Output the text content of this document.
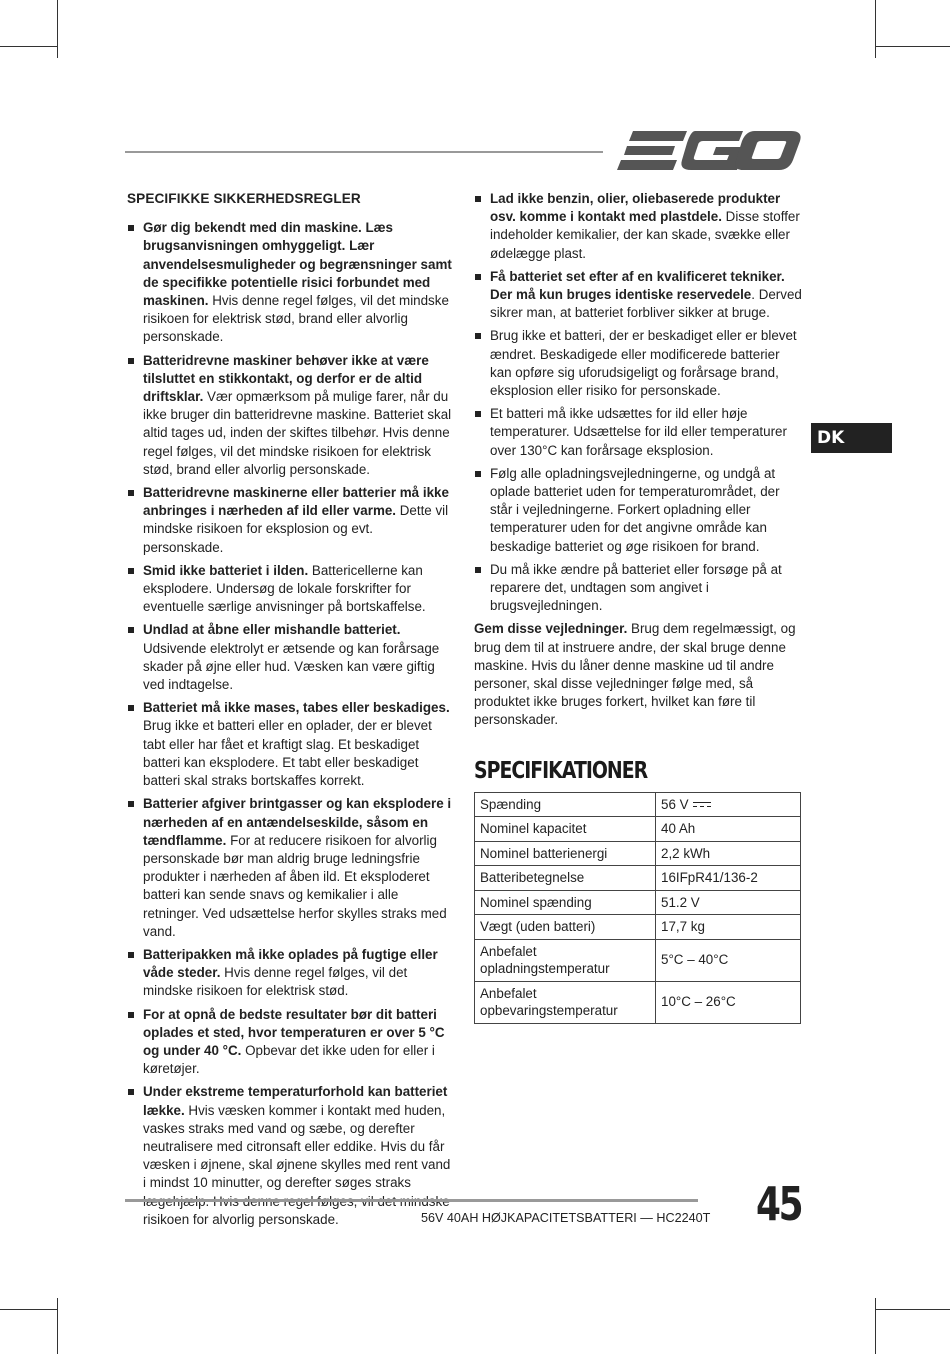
SPECIFIKKE SIKKERHEDSREGLER
Gør dig bekendt med din maskine. Læs brugsanvisningen omhyggeligt. Lær anvendelsesmuligheder og begrænsninger samt de specifikke potentielle risici forbundet med maskinen. Hvis denne regel følges, vil det mindske risikoen for elektrisk stød, brand eller alvorlig personskade.
Batteridrevne maskiner behøver ikke at være tilsluttet en stikkontakt, og derfor er de altid driftsklar. Vær opmærksom på mulige farer, når du ikke bruger din batteridrevne maskine. Batteriet skal altid tages ud, inden der skiftes tilbehør. Hvis denne regel følges, vil det mindske risikoen for elektrisk stød, brand eller alvorlig personskade.
Batteridrevne maskinerne eller batterier må ikke anbringes i nærheden af ild eller varme. Dette vil mindske risikoen for eksplosion og evt. personskade.
Smid ikke batteriet i ilden. Battericellerne kan eksplodere. Undersøg de lokale forskrifter for eventuelle særlige anvisninger på bortskaffelse.
Undlad at åbne eller mishandle batteriet. Udsivende elektrolyt er ætsende og kan forårsage skader på øjne eller hud. Væsken kan være giftig ved indtagelse.
Batteriet må ikke mases, tabes eller beskadiges. Brug ikke et batteri eller en oplader, der er blevet tabt eller har fået et kraftigt slag. Et beskadiget batteri kan eksplodere. Et tabt eller beskadiget batteri skal straks bortskaffes korrekt.
Batterier afgiver brintgasser og kan eksplodere i nærheden af en antændelseskilde, såsom en tændflamme. For at reducere risikoen for alvorlig personskade bør man aldrig bruge ledningsfrie produkter i nærheden af åben ild. Et eksploderet batteri kan sende snavs og kemikalier i alle retninger. Ved udsættelse herfor skylles straks med vand.
Batteripakken må ikke oplades på fugtige eller våde steder. Hvis denne regel følges, vil det mindske risikoen for elektrisk stød.
For at opnå de bedste resultater bør dit batteri oplades et sted, hvor temperaturen er over 5 °C og under 40 °C. Opbevar det ikke uden for eller i køretøjer.
Under ekstreme temperaturforhold kan batteriet lække. Hvis væsken kommer i kontakt med huden, vaskes straks med vand og sæbe, og derefter neutralisere med citronsaft eller eddike. Hvis du får væsken i øjnene, skal øjnene skylles med rent vand i mindst 10 minutter, og derefter søges straks risikoen for alvorlig personskade.
Lad ikke benzin, olier, oliebaserede produkter osv. komme i kontakt med plastdele. Disse stoffer indeholder kemikalier, der kan skade, svække eller ødelægge plast.
Få batteriet set efter af en kvalificeret tekniker. Der må kun bruges identiske reservedele. Derved sikrer man, at batteriet forbliver sikker at bruge.
Brug ikke et batteri, der er beskadiget eller er blevet ændret. Beskadigede eller modificerede batterier kan opføre sig uforudsigeligt og forårsage brand, eksplosion eller risiko for personskade.
Et batteri må ikke udsættes for ild eller høje temperaturer. Udsættelse for ild eller temperaturer over 130°C kan forårsage eksplosion.
Følg alle opladningsvejledningerne, og undgå at oplade batteriet uden for temperaturområdet, der står i vejledningerne. Forkert opladning eller temperaturer uden for det angivne område kan beskadige batteriet og øge risikoen for brand.
Du må ikke ændre på batteriet eller forsøge på at reparere det, undtagen som angivet i brugsvejledningen.
Gem disse vejledninger. Brug dem regelmæssigt, og brug dem til at instruere andre, der skal bruge denne maskine. Hvis du låner denne maskine ud til andre personer, skal disse vejledninger følge med, så produktet ikke bruges forkert, hvilket kan føre til personskader.
SPECIFIKATIONER
Spænding	56 V
Nominel kapacitet	40 Ah
Nominel batterienergi	2,2 kWh
Batteribetegnelse	16IFpR41/136-2
Nominel spænding	51.2 V
Vægt (uden batteri)	17,7 kg
Anbefalet opladningstemperatur	5°C – 40°C
Anbefalet opbevaringstemperatur	10°C – 26°C
DK
56V 40AH HØJKAPACITETSBATTERI — HC2240T 45
